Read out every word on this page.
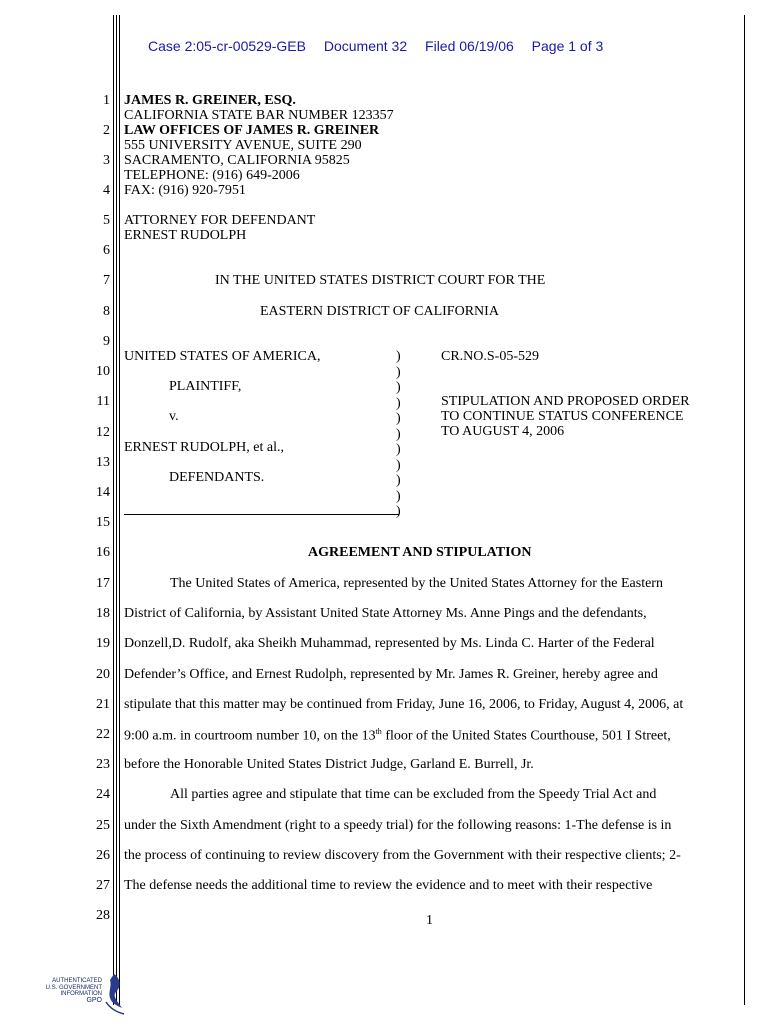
Case 2:05-cr-00529-GEB Document 32 Filed 06/19/06 Page 1 of 3
1
2
3
4
5
6
7
8
9
10
11
12
13
14
15
16
17
18
19
20
21
22
23
24
25
26
27
28
JAMES R. GREINER, ESQ.
CALIFORNIA STATE BAR NUMBER 123357
LAW OFFICES OF JAMES R. GREINER
555 UNIVERSITY AVENUE, SUITE 290
SACRAMENTO, CALIFORNIA 95825
TELEPHONE: (916) 649-2006
FAX: (916) 920-7951
ATTORNEY FOR DEFENDANT
ERNEST RUDOLPH
IN THE UNITED STATES DISTRICT COURT FOR THE
EASTERN DISTRICT OF CALIFORNIA
UNITED STATES OF AMERICA,
PLAINTIFF,
v.
ERNEST RUDOLPH, et al.,
DEFENDANTS.
)
)
)
)
)
)
)
)
)
)
)
CR.NO.S-05-529
STIPULATION AND PROPOSED ORDER
TO CONTINUE STATUS CONFERENCE
TO AUGUST 4, 2006
AGREEMENT AND STIPULATION
The United States of America, represented by the United States Attorney for the Eastern
District of California, by Assistant United State Attorney Ms. Anne Pings and the defendants,
Donzell,D. Rudolf, aka Sheikh Muhammad, represented by Ms. Linda C. Harter of the Federal
Defender’s Office, and Ernest Rudolph, represented by Mr. James R. Greiner, hereby agree and
stipulate that this matter may be continued from Friday, June 16, 2006, to Friday, August 4, 2006, at
9:00 a.m. in courtroom number 10, on the 13th floor of the United States Courthouse, 501 I Street,
before the Honorable United States District Judge, Garland E. Burrell, Jr.
All parties agree and stipulate that time can be excluded from the Speedy Trial Act and
under the Sixth Amendment (right to a speedy trial) for the following reasons: 1-The defense is in
the process of continuing to review discovery from the Government with their respective clients; 2-
The defense needs the additional time to review the evidence and to meet with their respective
1
AUTHENTICATED
U.S. GOVERNMENT
INFORMATION
GPO
